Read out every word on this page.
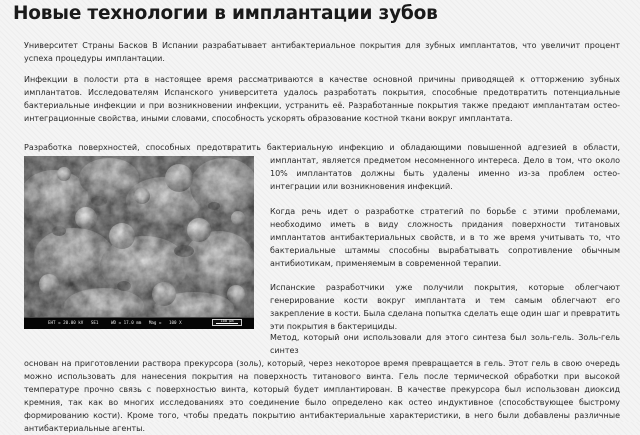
Новые технологии в имплантации зубов

Университет Страны Басков В Испании разрабатывает антибактериальное покрытия для зубных имплантатов, что увеличит процент успеха процедуры имплантации.

Инфекции в полости рта в настоящее время рассматриваются в качестве основной причины приводящей к отторжению зубных имплантатов. Исследователям Испанского университета удалось разработать покрытия, способные предотвратить потенциальные бактериальные инфекции и при возникновении инфекции, устранить её. Разработанные покрытия также предают имплантатам остео-интеграционные свойства, иными словами, способность ускорять образование костной ткани вокруг имплантата.

Разработка поверхностей, способных предотвратить бактериальную инфекцию и обладающими повышенной адгезией в области,
имплантат, является предметом несомненного интереса. Дело в том, что около 10% имплантатов должны быть удалены именно из-за проблем остео-интеграции или возникновения инфекций.
EHT = 20.00 kV   SE1     WD = 17.0 mm   Mag =   100 X	100 µm

Когда речь идет о разработке стратегий по борьбе с этими проблемами, необходимо иметь в виду сложность придания поверхности титановых имплантатов антибактериальных свойств, и в то же время учитывать то, что бактериальные штаммы способны вырабатывать сопротивление обычным антибиотикам, применяемым в современной терапии.

Испанские разработчики уже получили покрытия, которые облегчают генерирование кости вокруг имплантата и тем самым облегчают его закрепление в кости. Была сделана попытка сделать еще один шаг и превратить эти покрытия в бактерициды.

Метод, который они использовали для этого синтеза был золь-гель. Золь-гель синтез
основан на приготовлении раствора прекурсора (золь), который, через некоторое время превращается в гель. Этот гель в свою очередь можно использовать для нанесения покрытия на поверхность титанового винта. Гель после термической обработки при высокой температуре прочно связь с поверхностью винта, который будет имплантирован. В качестве прекурсора был использован диоксид кремния, так как во многих исследованиях это соединение было определено как остео индуктивное (способствующее быстрому формированию кости). Кроме того, чтобы предать покрытию антибактериальные характеристики, в него были добавлены различные антибактериальные агенты.
